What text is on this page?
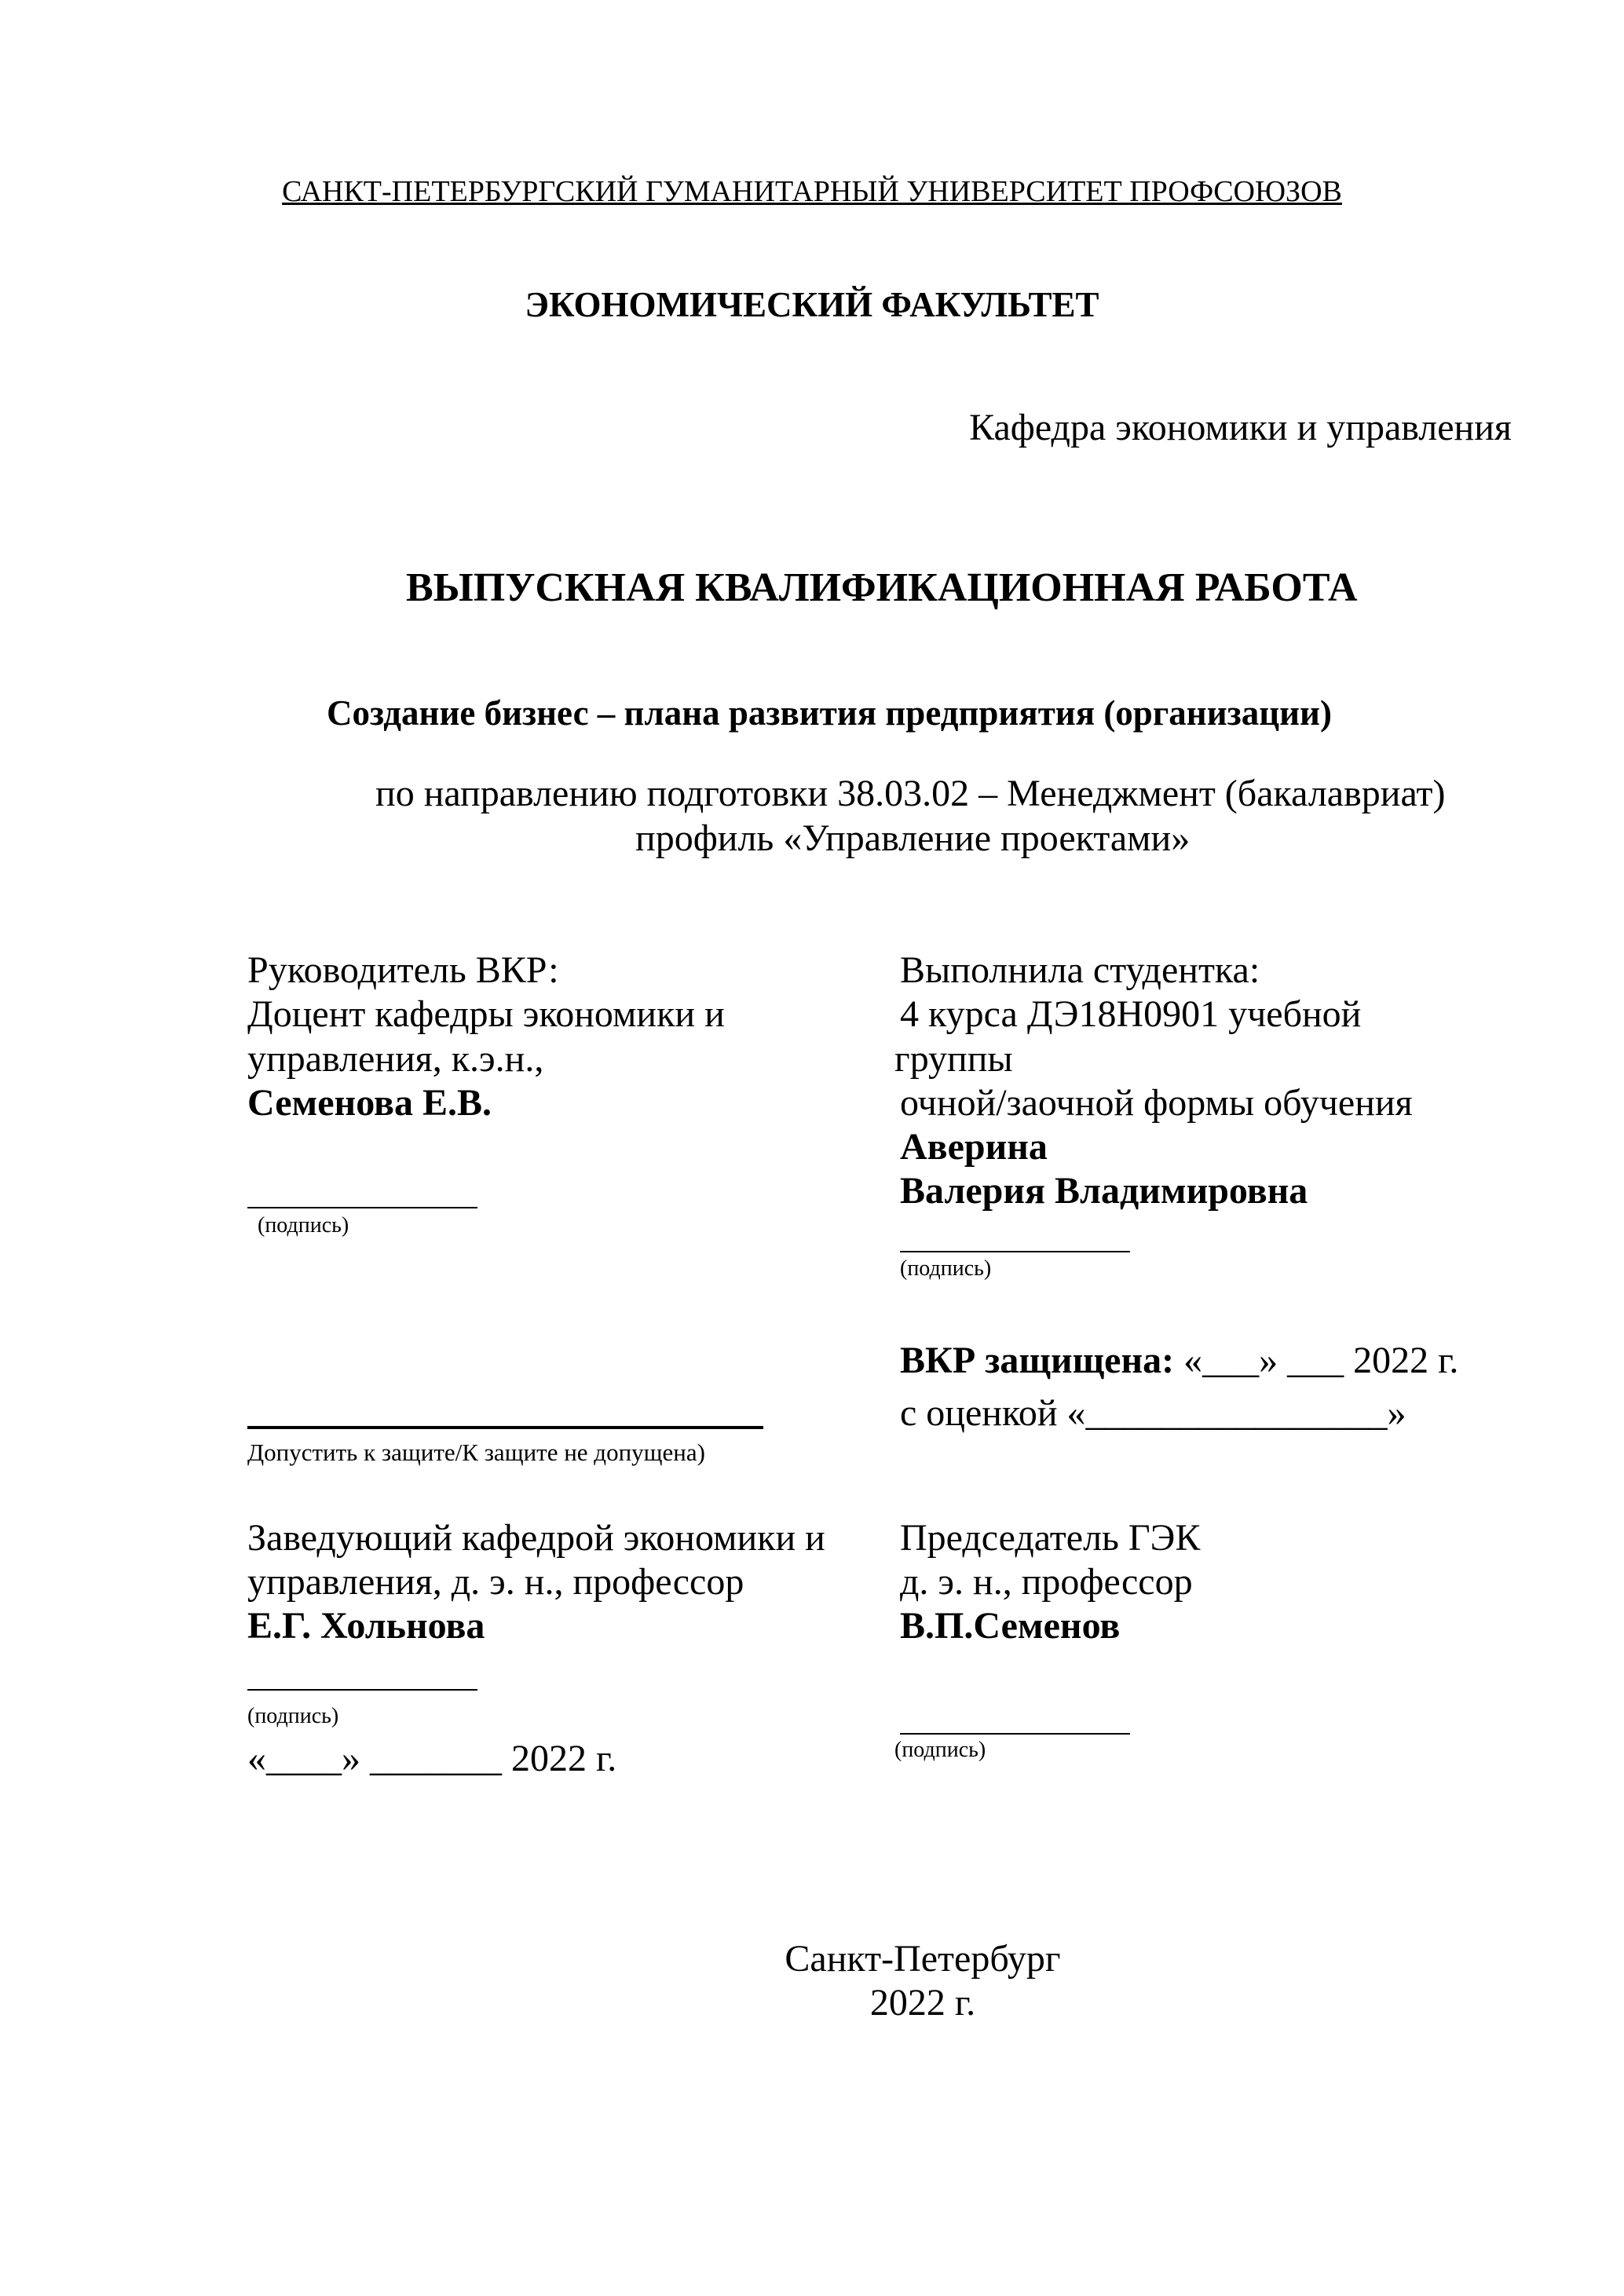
САНКТ-ПЕТЕРБУРГСКИЙ ГУМАНИТАРНЫЙ УНИВЕРСИТЕТ ПРОФСОЮЗОВ
ЭКОНОМИЧЕСКИЙ ФАКУЛЬТЕТ
Кафедра экономики и управления
ВЫПУСКНАЯ КВАЛИФИКАЦИОННАЯ РАБОТА
Создание бизнес – плана развития предприятия (организации)
по направлению подготовки 38.03.02 – Менеджмент (бакалавриат)
профиль «Управление проектами»
Руководитель ВКР:
Доцент кафедры экономики и
управления, к.э.н.,
Семенова Е.В.
(подпись)
Выполнила студентка:
4 курса ДЭ18Н0901 учебной
группы
очной/заочной формы обучения
Аверина
Валерия Владимировна
(подпись)
ВКР защищена: «___» ___ 2022 г.
с оценкой «________________»
Допустить к защите/К защите не допущена)
Заведующий кафедрой экономики и
управления, д. э. н., профессор
Е.Г. Хольнова
(подпись)
«____» _______ 2022 г.
Председатель ГЭК
д. э. н., профессор
В.П.Семенов
(подпись)
Санкт-Петербург
2022 г.
